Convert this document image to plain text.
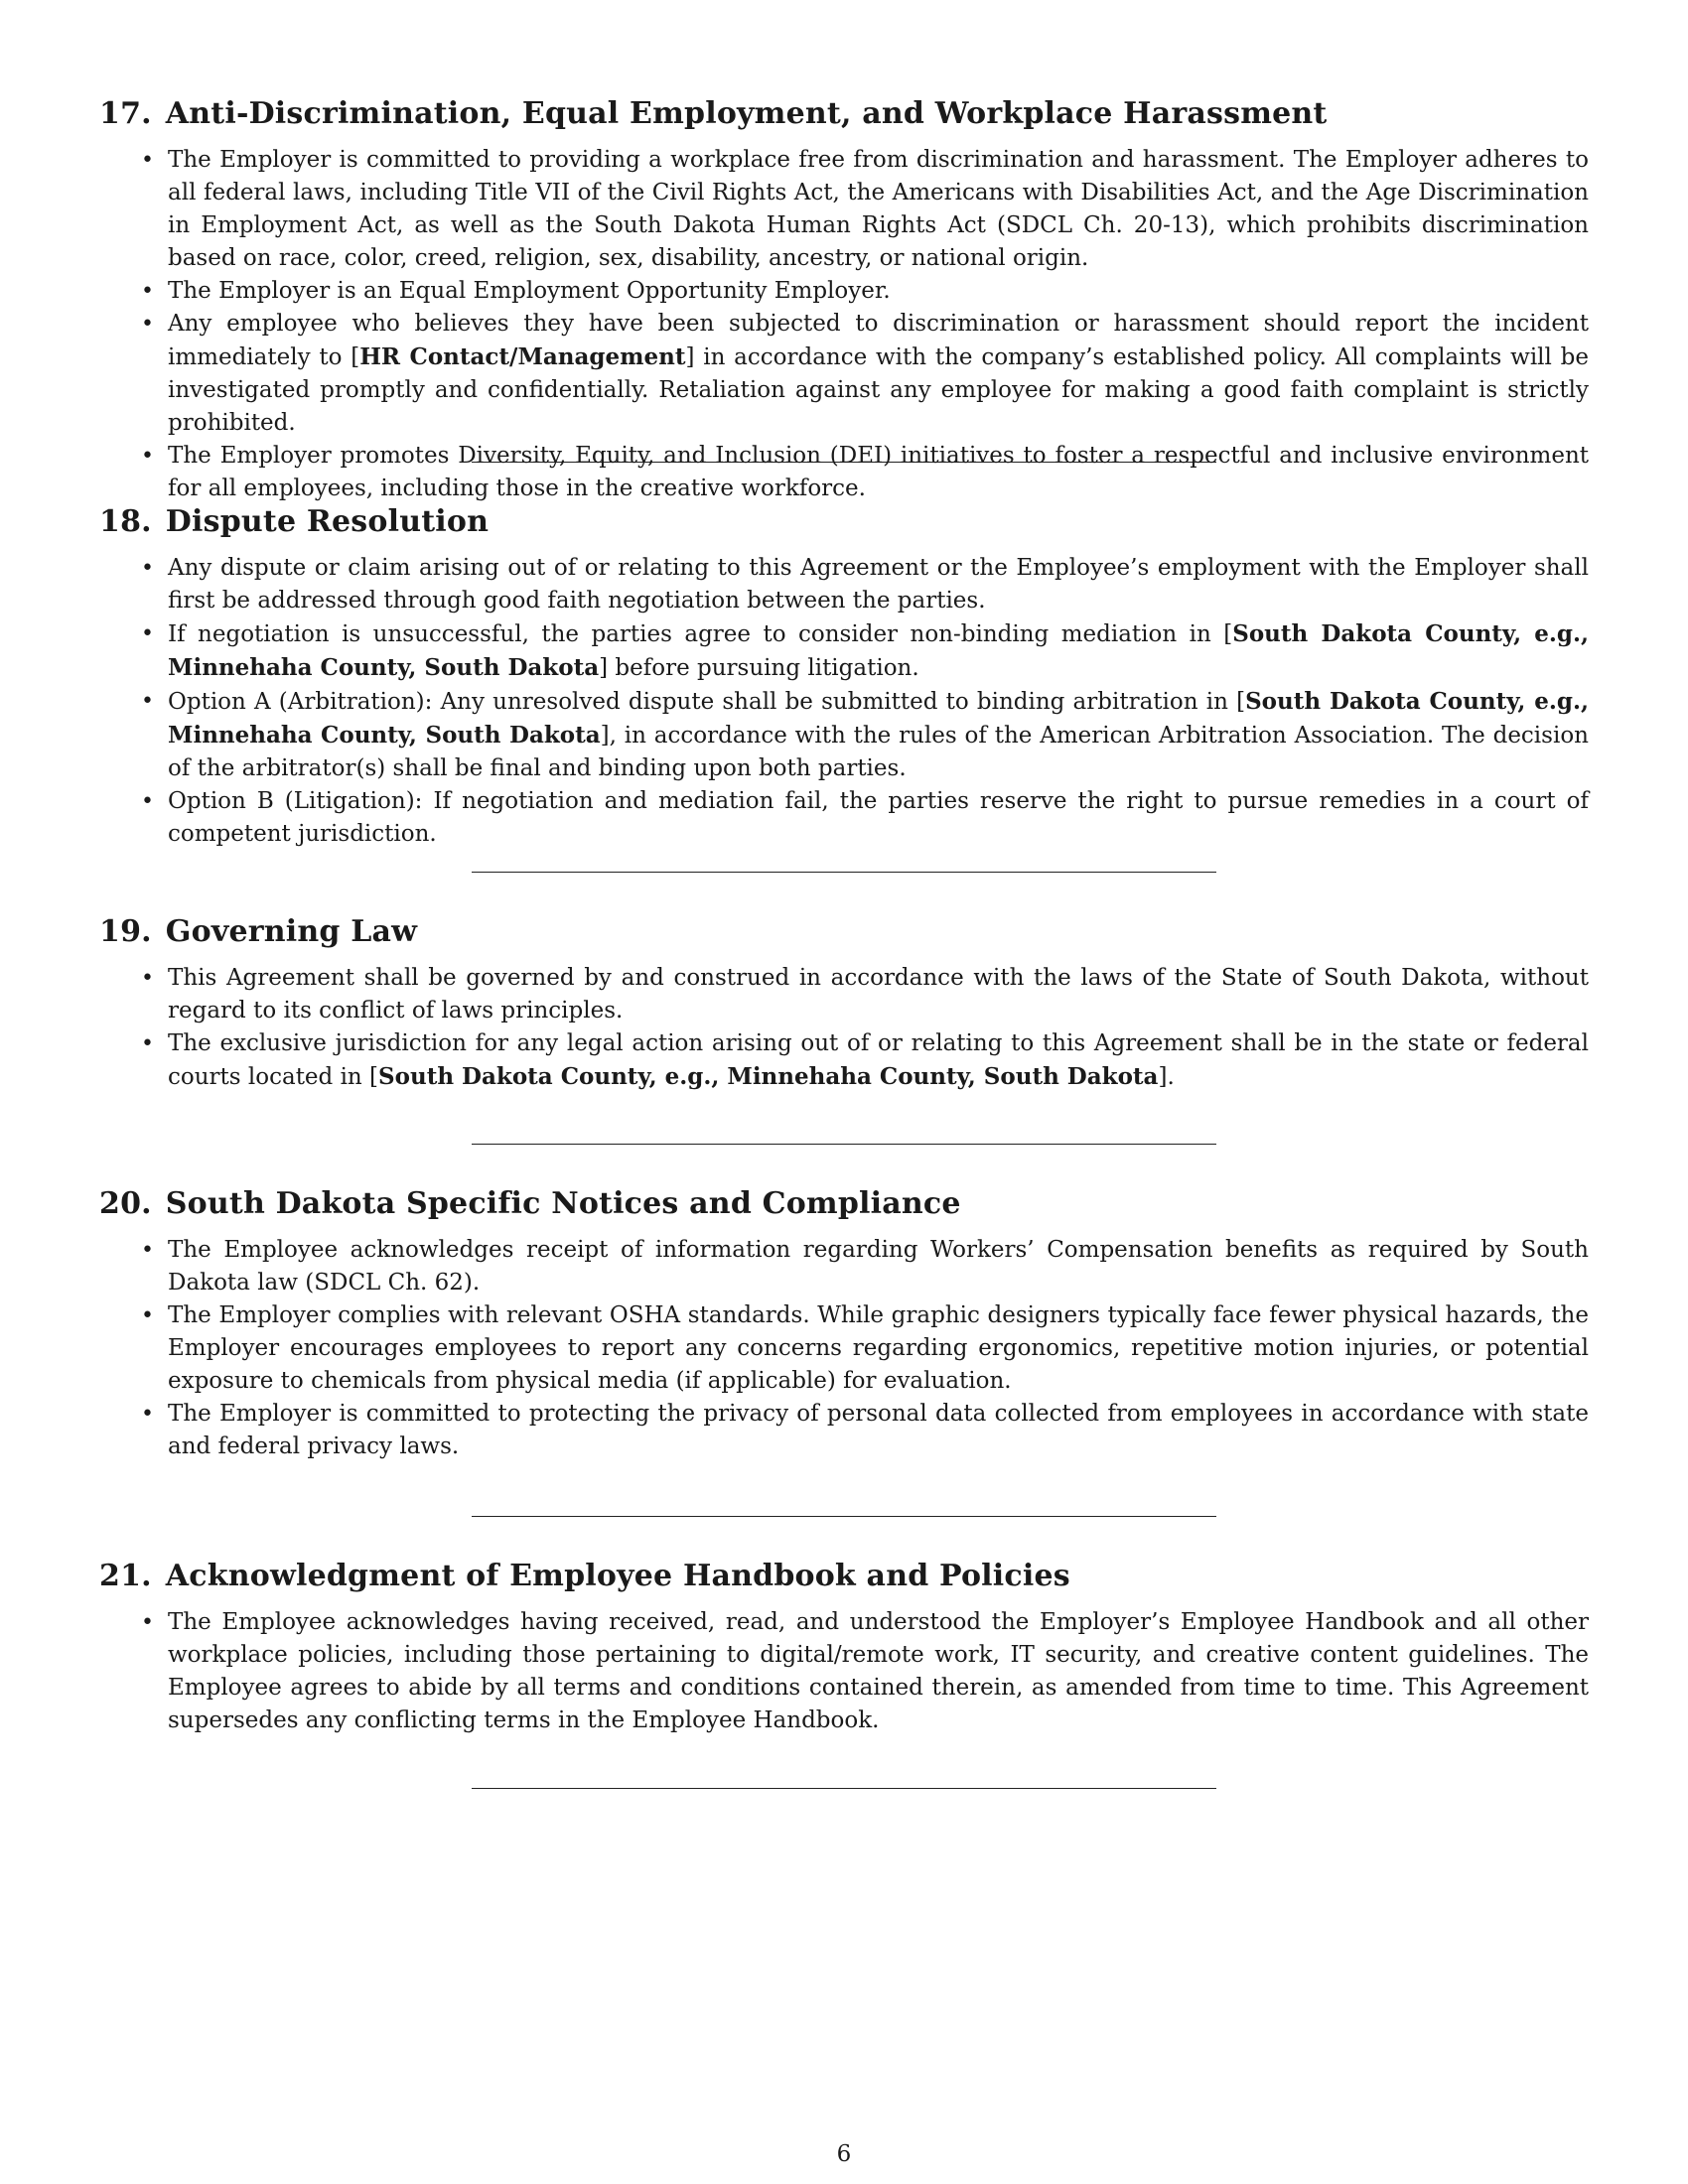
17. Anti-Discrimination, Equal Employment, and Workplace Harassment
• The Employer is committed to providing a workplace free from discrimination and harassment. The Employer adheres to all federal laws, including Title VII of the Civil Rights Act, the Americans with Disabilities Act, and the Age Discrimination in Employment Act, as well as the South Dakota Human Rights Act (SDCL Ch. 20-13), which prohibits discrimination based on race, color, creed, religion, sex, disability, ancestry, or national origin.
• The Employer is an Equal Employment Opportunity Employer.
• Any employee who believes they have been subjected to discrimination or harassment should report the incident immediately to [HR Contact/Management] in accordance with the company’s established policy. All complaints will be investigated promptly and confidentially. Retaliation against any employee for making a good faith complaint is strictly prohibited.
• The Employer promotes Diversity, Equity, and Inclusion (DEI) initiatives to foster a respectful and inclusive environment for all employees, including those in the creative workforce.
18. Dispute Resolution
• Any dispute or claim arising out of or relating to this Agreement or the Employee’s employment with the Employer shall first be addressed through good faith negotiation between the parties.
• If negotiation is unsuccessful, the parties agree to consider non-binding mediation in [South Dakota County, e.g., Minnehaha County, South Dakota] before pursuing litigation.
• Option A (Arbitration): Any unresolved dispute shall be submitted to binding arbitration in [South Dakota County, e.g., Minnehaha County, South Dakota], in accordance with the rules of the American Arbitration Association. The decision of the arbitrator(s) shall be final and binding upon both parties.
• Option B (Litigation): If negotiation and mediation fail, the parties reserve the right to pursue remedies in a court of competent jurisdiction.
19. Governing Law
• This Agreement shall be governed by and construed in accordance with the laws of the State of South Dakota, without regard to its conflict of laws principles.
• The exclusive jurisdiction for any legal action arising out of or relating to this Agreement shall be in the state or federal courts located in [South Dakota County, e.g., Minnehaha County, South Dakota].
20. South Dakota Specific Notices and Compliance
• The Employee acknowledges receipt of information regarding Workers’ Compensation benefits as required by South Dakota law (SDCL Ch. 62).
• The Employer complies with relevant OSHA standards. While graphic designers typically face fewer physical hazards, the Employer encourages employees to report any concerns regarding ergonomics, repetitive motion injuries, or potential exposure to chemicals from physical media (if applicable) for evaluation.
• The Employer is committed to protecting the privacy of personal data collected from employees in accordance with state and federal privacy laws.
21. Acknowledgment of Employee Handbook and Policies
• The Employee acknowledges having received, read, and understood the Employer’s Employee Handbook and all other workplace policies, including those pertaining to digital/remote work, IT security, and creative content guidelines. The Employee agrees to abide by all terms and conditions contained therein, as amended from time to time. This Agreement supersedes any conflicting terms in the Employee Handbook.
6
